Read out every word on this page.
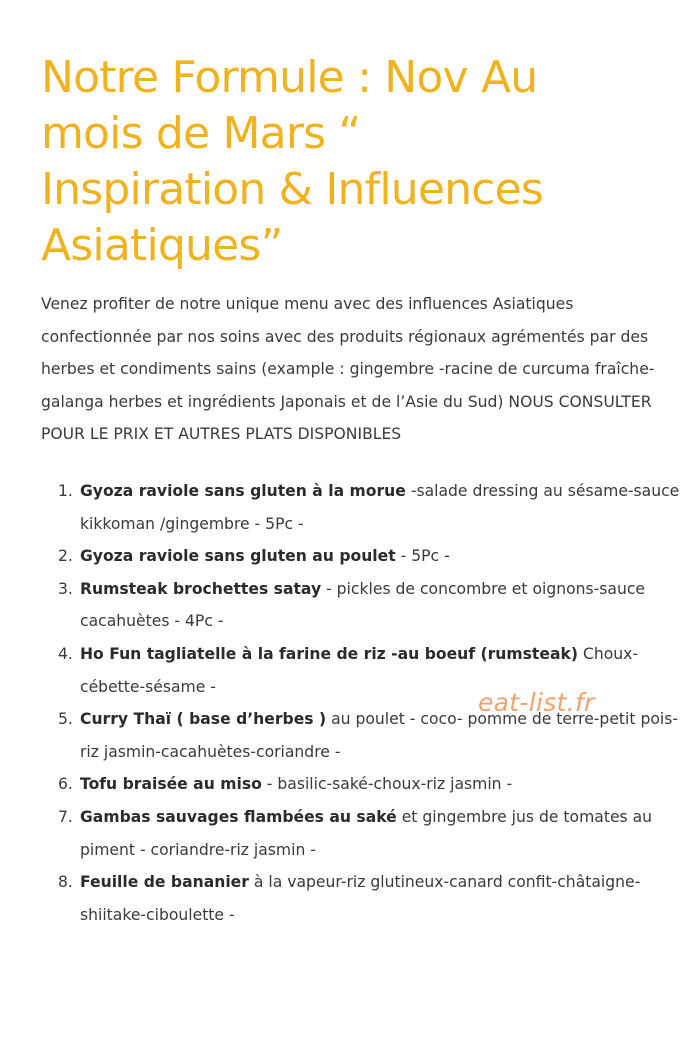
Notre Formule : Nov Au
mois de Mars “
Inspiration & Influences
Asiatiques”

Venez profiter de notre unique menu avec des influences Asiatiques confectionnée par nos soins avec des produits régionaux agrémentés par des herbes et condiments sains (example : gingembre -racine de curcuma fraîche-galanga herbes et ingrédients Japonais et de l’Asie du Sud) NOUS CONSULTER POUR LE PRIX ET AUTRES PLATS DISPONIBLES

1. Gyoza raviole sans gluten à la morue -salade dressing au sésame-sauce kikkoman /gingembre - 5Pc -
2. Gyoza raviole sans gluten au poulet - 5Pc -
3. Rumsteak brochettes satay - pickles de concombre et oignons-sauce cacahuètes - 4Pc -
4. Ho Fun tagliatelle à la farine de riz -au boeuf (rumsteak) Choux-cébette-sésame -
5. Curry Thaï ( base d’herbes ) au poulet - coco- pomme de terre-petit pois-riz jasmin-cacahuètes-coriandre -
6. Tofu braisée au miso - basilic-saké-choux-riz jasmin -
7. Gambas sauvages flambées au saké et gingembre jus de tomates au piment - coriandre-riz jasmin -
8. Feuille de bananier à la vapeur-riz glutineux-canard confit-châtaigne-shiitake-ciboulette -
eat-list.fr
